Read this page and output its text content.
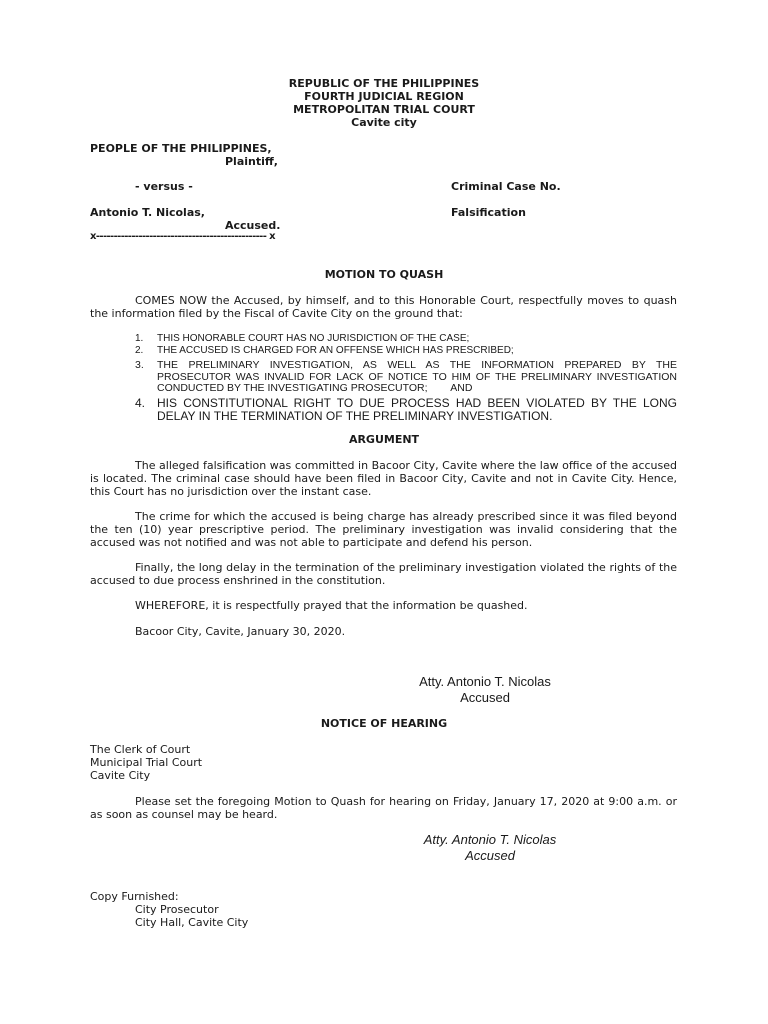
REPUBLIC OF THE PHILIPPINES
FOURTH JUDICIAL REGION
METROPOLITAN TRIAL COURT
Cavite city
PEOPLE OF THE PHILIPPINES,
Plaintiff,
- versus -	Criminal Case No.
Antonio T. Nicolas,	Falsification
Accused.
x------------------------------------------------ x
MOTION TO QUASH
COMES NOW the Accused, by himself, and to this Honorable Court, respectfully moves to quash the information filed by the Fiscal of Cavite City on the ground that:
1.	THIS HONORABLE COURT HAS NO JURISDICTION OF THE CASE;
2.	THE ACCUSED IS CHARGED FOR AN OFFENSE WHICH HAS PRESCRIBED;
3.	THE PRELIMINARY INVESTIGATION, AS WELL AS THE INFORMATION PREPARED BY THE PROSECUTOR WAS INVALID FOR LACK OF NOTICE TO HIM OF THE PRELIMINARY INVESTIGATION CONDUCTED BY THE INVESTIGATING PROSECUTOR;        AND
4. HIS CONSTITUTIONAL RIGHT TO DUE PROCESS HAD BEEN VIOLATED BY THE LONG DELAY IN THE TERMINATION OF THE PRELIMINARY INVESTIGATION.
ARGUMENT
The alleged falsification was committed in Bacoor City, Cavite where the law office of the accused is located. The criminal case should have been filed in Bacoor City, Cavite and not in Cavite City. Hence, this Court has no jurisdiction over the instant case.
The crime for which the accused is being charge has already prescribed since it was filed beyond the ten (10) year prescriptive period. The preliminary investigation was invalid considering that the accused was not notified and was not able to participate and defend his person.
Finally, the long delay in the termination of the preliminary investigation violated the rights of the accused to due process enshrined in the constitution.
WHEREFORE, it is respectfully prayed that the information be quashed.
Bacoor City, Cavite, January 30, 2020.
Atty. Antonio T. Nicolas
Accused
NOTICE OF HEARING
The Clerk of Court
Municipal Trial Court
Cavite City
Please set the foregoing Motion to Quash for hearing on Friday, January 17, 2020 at 9:00 a.m. or as soon as counsel may be heard.
Atty. Antonio T. Nicolas
Accused
Copy Furnished:
City Prosecutor
City Hall, Cavite City
